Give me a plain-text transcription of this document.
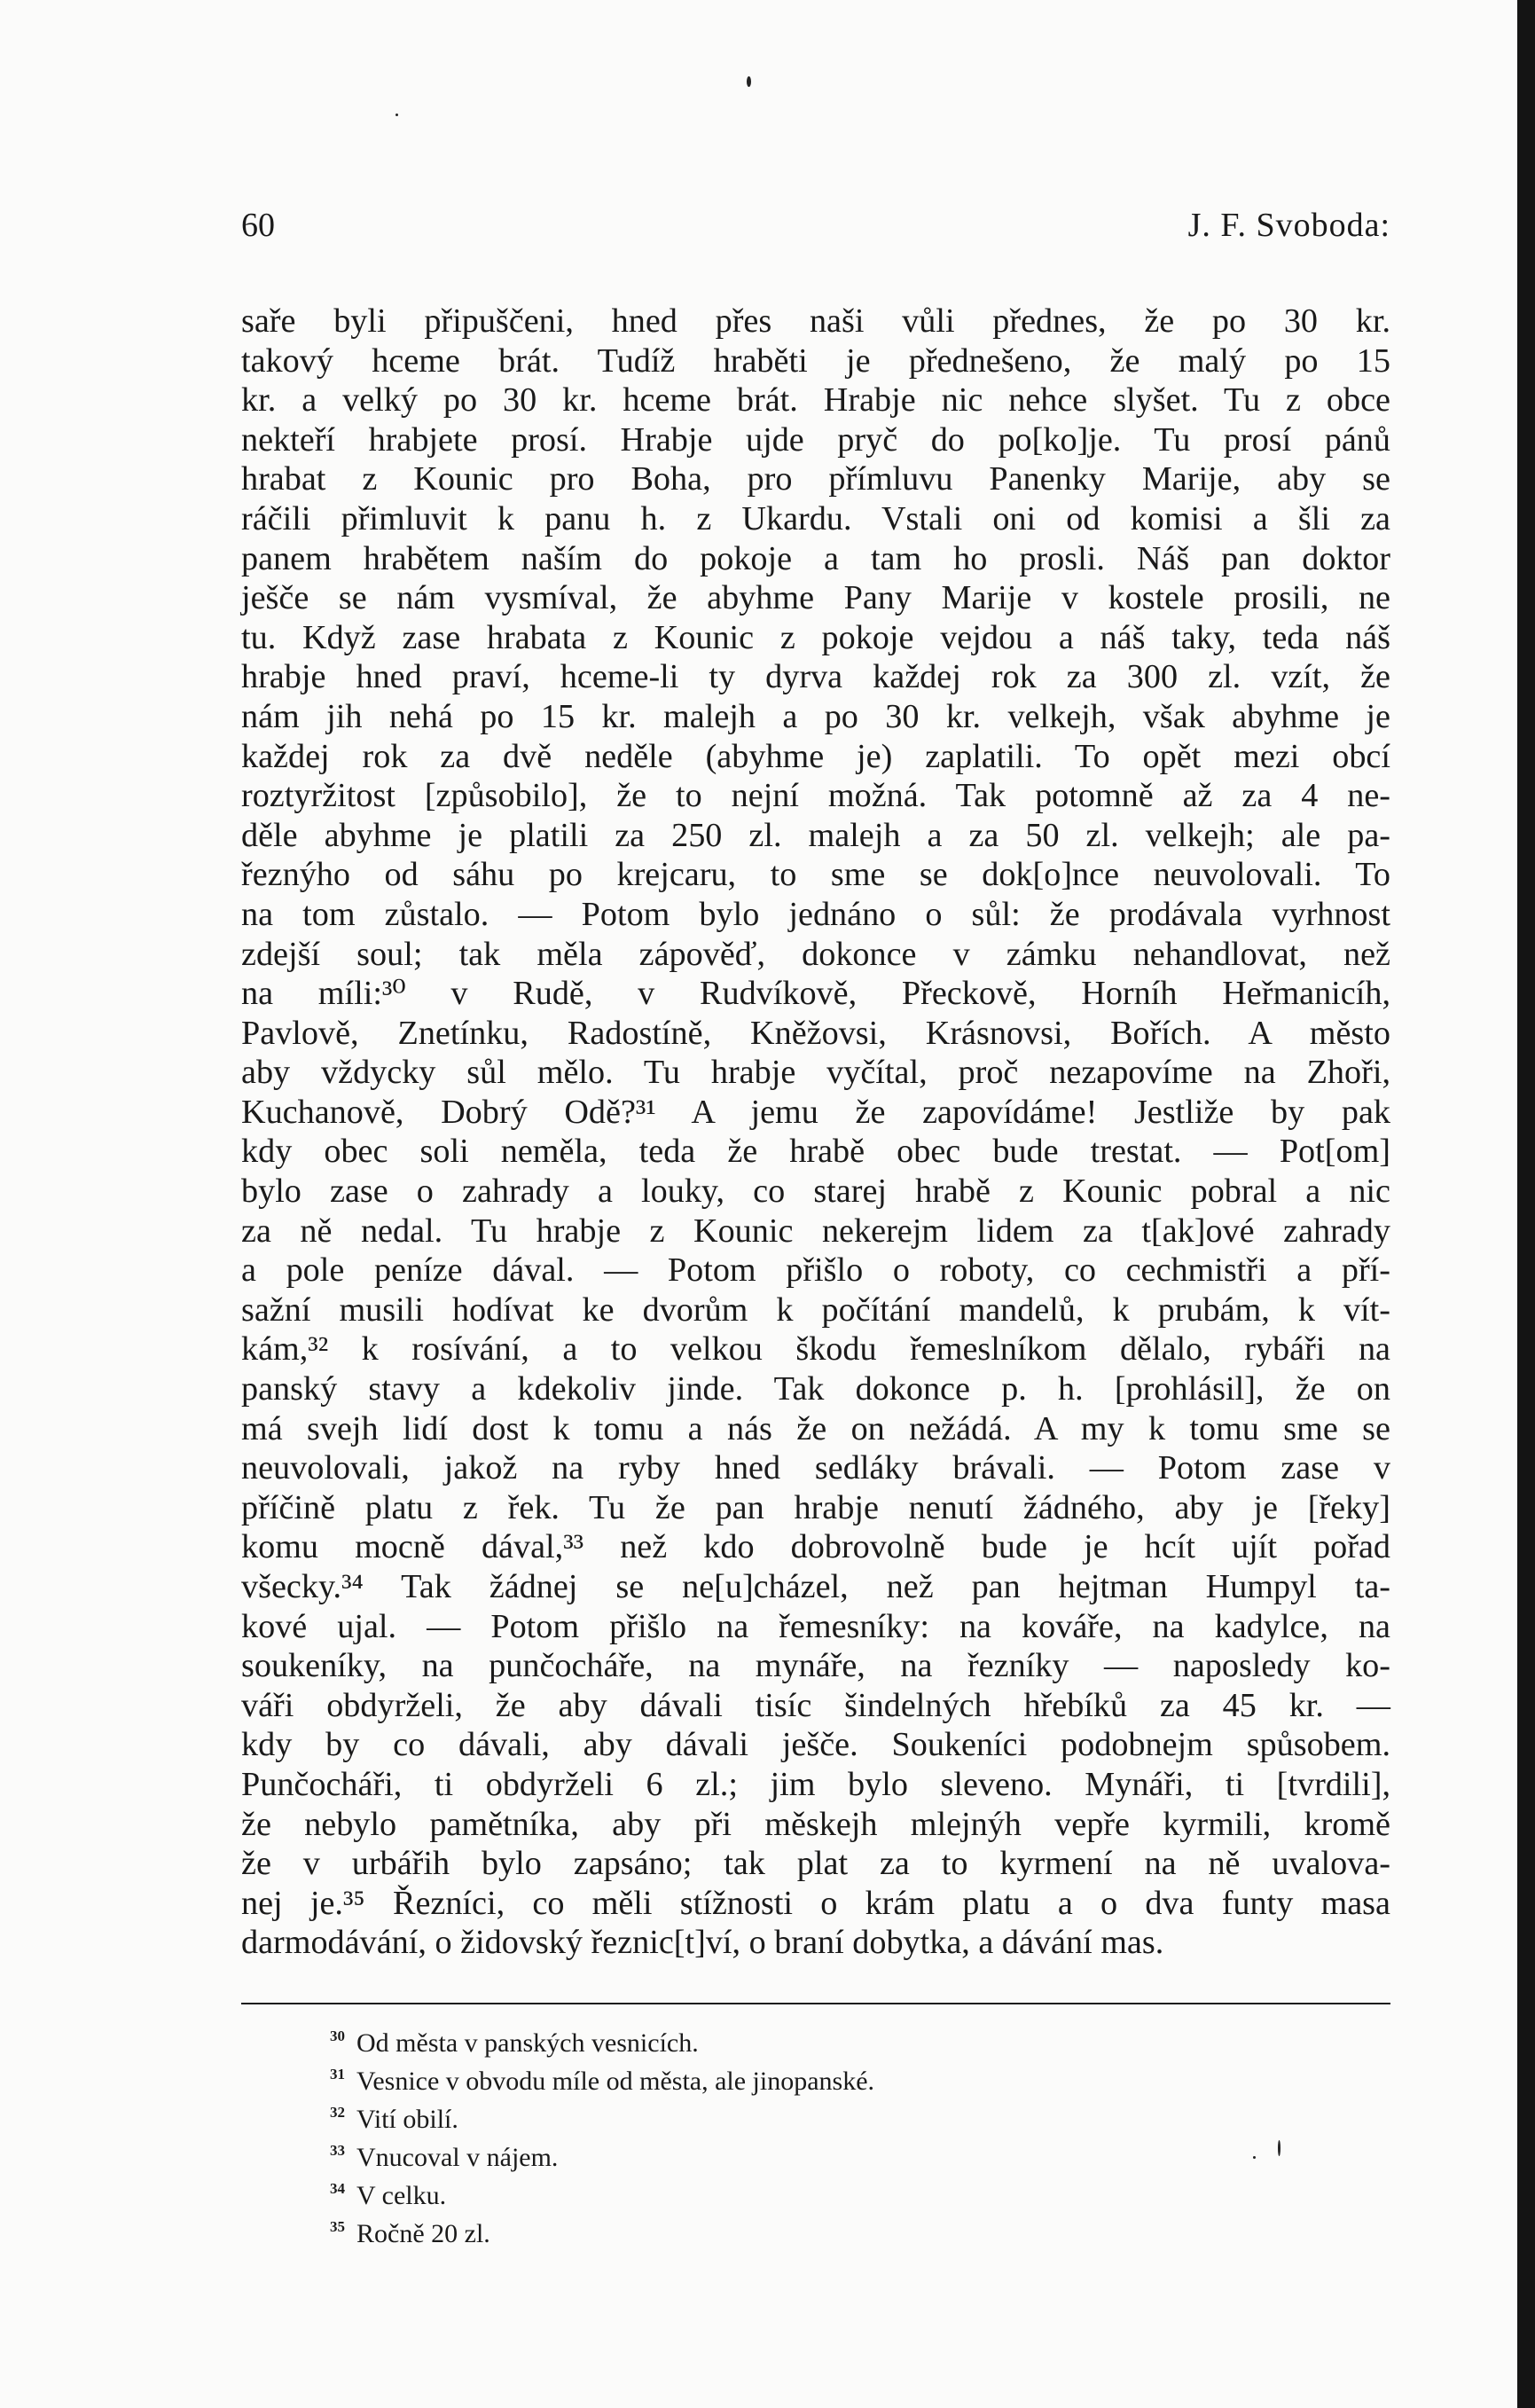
60	J. F. Svoboda:
saře byli připuščeni, hned přes naši vůli přednes, že po 30 kr.
takový hceme brát. Tudíž hraběti je přednešeno, že malý po 15
kr. a velký po 30 kr. hceme brát. Hrabje nic nehce slyšet. Tu z obce
nekteří hrabjete prosí. Hrabje ujde pryč do po[ko]je. Tu prosí pánů
hrabat z Kounic pro Boha, pro přímluvu Panenky Marije, aby se
ráčili přimluvit k panu h. z Ukardu. Vstali oni od komisi a šli za
panem hrabětem naším do pokoje a tam ho prosli. Náš pan doktor
ješče se nám vysmíval, že abyhme Pany Marije v kostele prosili, ne
tu. Když zase hrabata z Kounic z pokoje vejdou a náš taky, teda náš
hrabje hned praví, hceme-li ty dyrva každej rok za 300 zl. vzít, že
nám jih nehá po 15 kr. malejh a po 30 kr. velkejh, však abyhme je
každej rok za dvě neděle (abyhme je) zaplatili. To opět mezi obcí
roztyržitost [způsobilo], že to nejní možná. Tak potomně až za 4 ne-
děle abyhme je platili za 250 zl. malejh a za 50 zl. velkejh; ale pa-
řeznýho od sáhu po krejcaru, to sme se dok[o]nce neuvolovali. To
na tom zůstalo. — Potom bylo jednáno o sůl: že prodávala vyrhnost
zdejší soul; tak měla zápověď, dokonce v zámku nehandlovat, než
na míli:³⁰ v Rudě, v Rudvíkově, Přeckově, Horníh Heřmanicíh,
Pavlově, Znetínku, Radostíně, Kněžovsi, Krásnovsi, Bořích. A město
aby vždycky sůl mělo. Tu hrabje vyčítal, proč nezapovíme na Zhoři,
Kuchanově, Dobrý Odě?³¹ A jemu že zapovídáme! Jestliže by pak
kdy obec soli neměla, teda že hrabě obec bude trestat. — Pot[om]
bylo zase o zahrady a louky, co starej hrabě z Kounic pobral a nic
za ně nedal. Tu hrabje z Kounic nekerejm lidem za t[ak]ové zahrady
a pole peníze dával. — Potom přišlo o roboty, co cechmistři a pří-
sažní musili hodívat ke dvorům k počítání mandelů, k prubám, k vít-
kám,³² k rosívání, a to velkou škodu řemeslníkom dělalo, rybáři na
panský stavy a kdekoliv jinde. Tak dokonce p. h. [prohlásil], že on
má svejh lidí dost k tomu a nás že on nežádá. A my k tomu sme se
neuvolovali, jakož na ryby hned sedláky brávali. — Potom zase v
příčině platu z řek. Tu že pan hrabje nenutí žádného, aby je [řeky]
komu mocně dával,³³ než kdo dobrovolně bude je hcít ujít pořad
všecky.³⁴ Tak žádnej se ne[u]cházel, než pan hejtman Humpyl ta-
kové ujal. — Potom přišlo na řemesníky: na kováře, na kadylce, na
soukeníky, na punčocháře, na mynáře, na řezníky — naposledy ko-
váři obdyrželi, že aby dávali tisíc šindelných hřebíků za 45 kr. —
kdy by co dávali, aby dávali ješče. Soukeníci podobnejm spůsobem.
Punčocháři, ti obdyrželi 6 zl.; jim bylo sleveno. Mynáři, ti [tvrdili],
že nebylo pamětníka, aby při měskejh mlejnýh vepře kyrmili, kromě
že v urbářih bylo zapsáno; tak plat za to kyrmení na ně uvalova-
nej je.³⁵ Řezníci, co měli stížnosti o krám platu a o dva funty masa
darmodávání, o židovský řeznic[t]ví, o braní dobytka, a dávání mas.
30 Od města v panských vesnicích.
31 Vesnice v obvodu míle od města, ale jinopanské.
32 Vití obilí.
33 Vnucoval v nájem.
34 V celku.
35 Ročně 20 zl.
